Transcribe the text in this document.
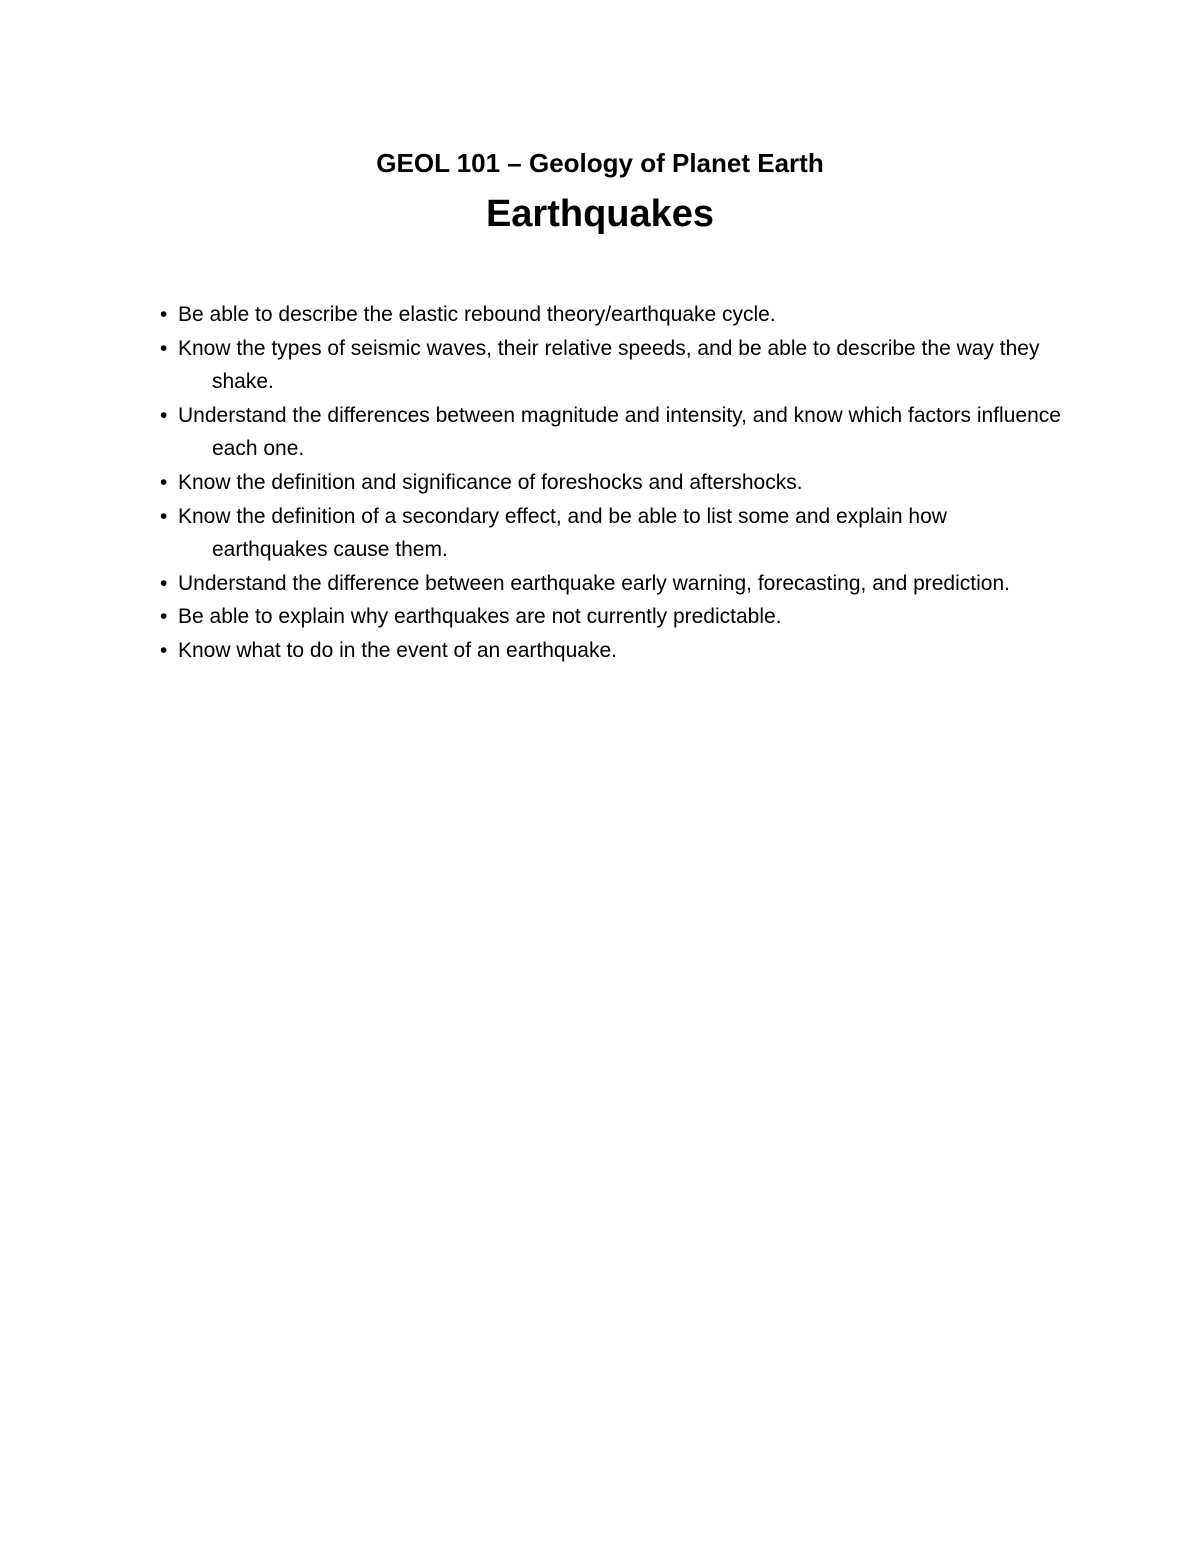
GEOL 101 – Geology of Planet Earth
Earthquakes
• Be able to describe the elastic rebound theory/earthquake cycle.
• Know the types of seismic waves, their relative speeds, and be able to describe the way they shake.
• Understand the differences between magnitude and intensity, and know which factors influence each one.
• Know the definition and significance of foreshocks and aftershocks.
• Know the definition of a secondary effect, and be able to list some and explain how earthquakes cause them.
• Understand the difference between earthquake early warning, forecasting, and prediction.
• Be able to explain why earthquakes are not currently predictable.
• Know what to do in the event of an earthquake.
